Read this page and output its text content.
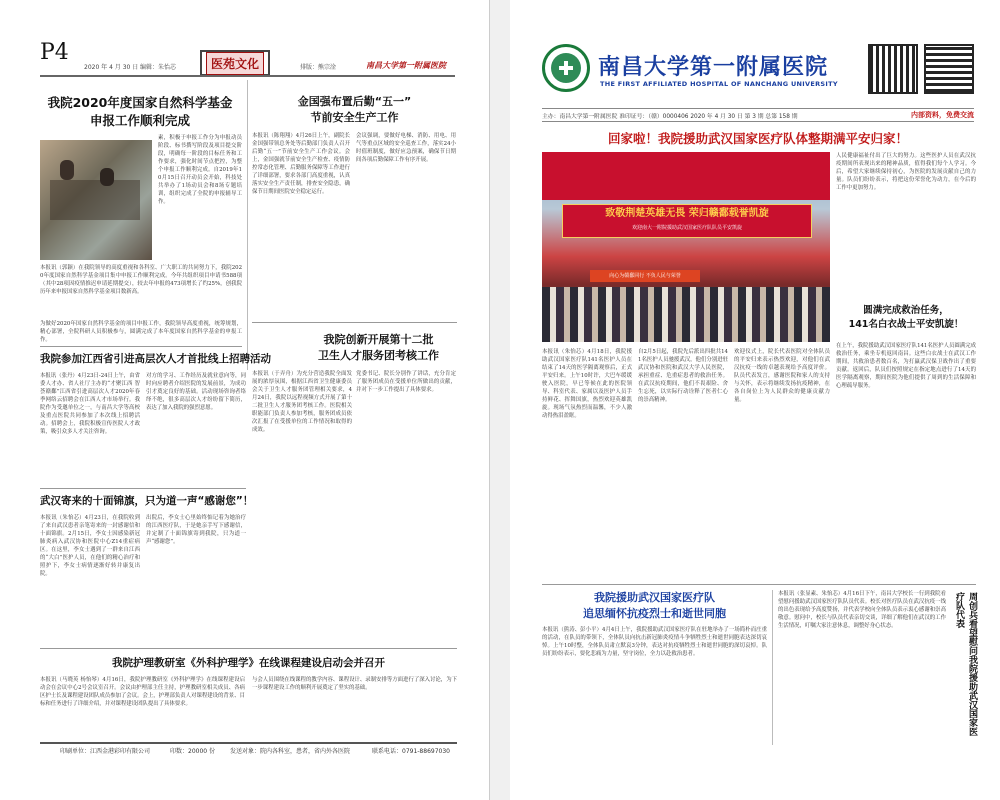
P4
2020 年 4 月 30 日 编辑：朱怡芯	医苑文化	排版：熊宗淦	南昌大学第一附属医院
我院2020年度国家自然科学基金
申报工作顺利完成
素，积极于申报工作分为申报动员阶段、标书撰写阶段及项目提交阶段，明确每一阶段的目标任务和工作要求，强化时间节点把控，为整个申报工作顺利完成。自2019年10月15日召开动员会开始，科技处共举办了1场动员会和8场专题培训，组织完成了全院的申报辅导工作。
本报讯（郭颖）在我院领导的高度重视和各科室、广大职工的共同努力下，我院2020年度国家自然科学基金项目集中申报工作顺利完成。今年共组织项目申请书588项（其中28项因疫情推迟申请延期提交），较去年申报的473项增长了约25%，创我院历年来申报国家自然科学基金项目数新高。
为做好2020年国家自然科学基金的项目申报工作，我院领导高度重视，统筹规划，精心部署，全院科研人员积极参与，圆满完成了本年度国家自然科学基金的申报工作。
金国强布置后勤“五一”
节前安全生产工作
本报讯（陈翔翔）4月26日上午，副院长金国强带领总务处等后勤部门负责人召开后勤“五一”节前安全生产工作会议。会上，金国强就节前安全生产检查、疫情防控常态化管理、后勤服务保障等工作进行了详细部署，要求各部门高度重视，认真落实安全生产责任制，排查安全隐患，确保节日期间医院安全稳定运行。
会议强调，要做好电梯、消防、用电、用气等重点区域的安全巡查工作，落实24小时值班制度，做好应急预案，确保节日期间各项后勤保障工作有序开展。
我院创新开展第十二批
卫生人才服务团考核工作
本报讯（于弄舟）为充分营造我院全面发展的浓厚氛围，根据江西省卫生健康委员会关于卫生人才服务团管理相关要求，4月24日，我院以远程视频方式开展了第十二批卫生人才服务团考核工作。医院相关职能部门负责人参加考核，服务团成员依次汇报了在受援单位的工作情况和取得的成效。
党委书记、院长分别作了讲话，充分肯定了服务团成员在受援单位所做出的贡献，并对下一步工作提出了具体要求。
我院参加江西省引进高层次人才首批线上招聘活动
本报讯（张丹）4月23日-24日上午，由省委人才办、省人社厅主办的“才聚江西 智荟赣鄱”江西省引进高层次人才2020年春季网络云招聘会在江西人才市场举行。我院作为受邀单位之一，与南昌大学等高校及重点医院共同参加了本次线上招聘活动。招聘会上，我院积极宣传医院人才政策，吸引众多人才关注咨询。
对方的学习、工作经历及就业意向等，同时向应聘者介绍医院的发展前景，为成功引才奠定良好的基础。活动现场咨询者络绎不绝，很多高层次人才纷纷留下简历，表达了加入我院的强烈意愿。
武汉寄来的十面锦旗，只为道一声“感谢您”！
本报讯（朱怡芯）4月23日，在我院收到了来自武汉患者亲笔寄来的一封感谢信和十面锦旗。2月15日，李女士因感染新冠肺炎病入武汉协和医院中心Z14重症病区。在这里，李女士遇到了一群来自江西的“大白”医护人员，在他们的精心治疗和照护下，李女士病情逐渐好转并康复出院。
出院后，李女士心里始终惦记着为她治疗的江西医疗队，于是她亲手写下感谢信，并定制了十面锦旗寄到我院，只为道一声“感谢您”。
我院护理教研室《外科护理学》在线课程建设启动会并召开
本报讯（马晓英 杨怡琴）4月16日，我院护理教研室《外科护理学》在线课程建设启动会在会议中心2号会议室召开。会议由护理部主任主持，护理教研室相关成员、各病区护士长及课程建设团队成员参加了会议。会上，护理部负责人对课程建设的背景、目标和任务进行了详细介绍，并对课程建设团队提出了具体要求。
与会人员围绕在线课程的教学内容、课程设计、录制安排等方面进行了深入讨论，为下一步课程建设工作的顺利开展奠定了坚实的基础。
印刷单位：江西金港彩印有限公司	印数：20000 份	发送对象：院内各科室，患者，省内外各医院	联系电话：0791-88697030
南昌大学第一附属医院
THE FIRST AFFILIATED HOSPITAL OF NANCHANG UNIVERSITY
主办：南昌大学第一附属医院 准印证号：（赣）0000406 2020 年 4 月 30 日 第 3 期 总第 158 期	内部资料，免费交流
回家啦！我院援助武汉国家医疗队体整期满平安归家！
致敬荆楚英雄无畏 荣归赣鄱载誉凯旋
欢迎南大一附院援助武汉国家医疗队队员平安凯旋
向心为赣鄱同行 不负人民与荣誉
人民健康福祉付出了巨大的努力。这些医护人员在武汉抗疫期间所表现出来的精神品质，值得我们每个人学习。今后，希望大家继续保持初心，为医院的发展贡献自己的力量。队员们纷纷表示，将把这份荣誉化为动力，在今后的工作中更加努力。
圆满完成救治任务，
141名白衣战士平安凯旋！
在上午，我院援助武汉国家医疗队141名医护人员圆满完成救治任务，乘坐专机返回南昌。这些白衣战士在武汉工作期间，共救治患者数百名，为打赢武汉保卫战作出了重要贡献。返回后，队员们按照规定在指定地点进行了14天的医学隔离观察，期间医院为他们提供了周到的生活保障和心理疏导服务。
本报讯（朱怡芯）4月18日，我院援助武汉国家医疗队141名医护人员在结束了14天的医学隔离观察后，正式平安归来。上午10时许，大巴车缓缓驶入医院，早已等候在此的医院领导、科室代表、家属以及医护人员手持鲜花、挥舞国旗，热烈欢迎英雄凯旋。现场气氛热烈而温馨，不少人激动得热泪盈眶。
自2月5日起，我院先后派出四批共141名医护人员驰援武汉，他们分别进驻武汉协和医院和武汉大学人民医院，承担重症、危重症患者的救治任务。在武汉抗疫期间，他们不畏艰险、舍生忘死，以实际行动诠释了医者仁心的崇高精神。
欢迎仪式上，院长代表医院对全体队员的平安归来表示热烈欢迎，对他们在武汉抗疫一线的卓越表现给予高度评价。队员代表发言，感谢医院和家人的支持与关怀，表示将继续发扬抗疫精神，在各自岗位上为人民群众的健康贡献力量。
我院援助武汉国家医疗队
追思缅怀抗疫烈士和逝世同胞
本报讯（熊涛、彭小平）4月4日上午，我院援助武汉国家医疗队在驻地举办了一场简朴而庄重的活动，在队员的带领下，全体队员向抗击新冠肺炎疫情斗争牺牲烈士和逝世同胞表达深切哀悼。上午10时整，全体队员肃立默哀3分钟，表达对抗疫牺牲烈士和逝世同胞的深切哀悼。队员们纷纷表示，要化悲痛为力量，坚守岗位，全力以赴救治患者。
本报讯（张显素、朱怡芯）4月16日下午，南昌大学校长一行到我院看望慰问援助武汉国家医疗队队员代表。校长对医疗队员在武汉抗疫一线的出色表现给予高度赞扬，并代表学校向全体队员表示衷心感谢和崇高敬意。慰问中，校长与队员代表亲切交谈，详细了解他们在武汉的工作生活情况，叮嘱大家注意休息，调整好身心状态。	周创兵看望慰问我院援助武汉国家医疗队代表
